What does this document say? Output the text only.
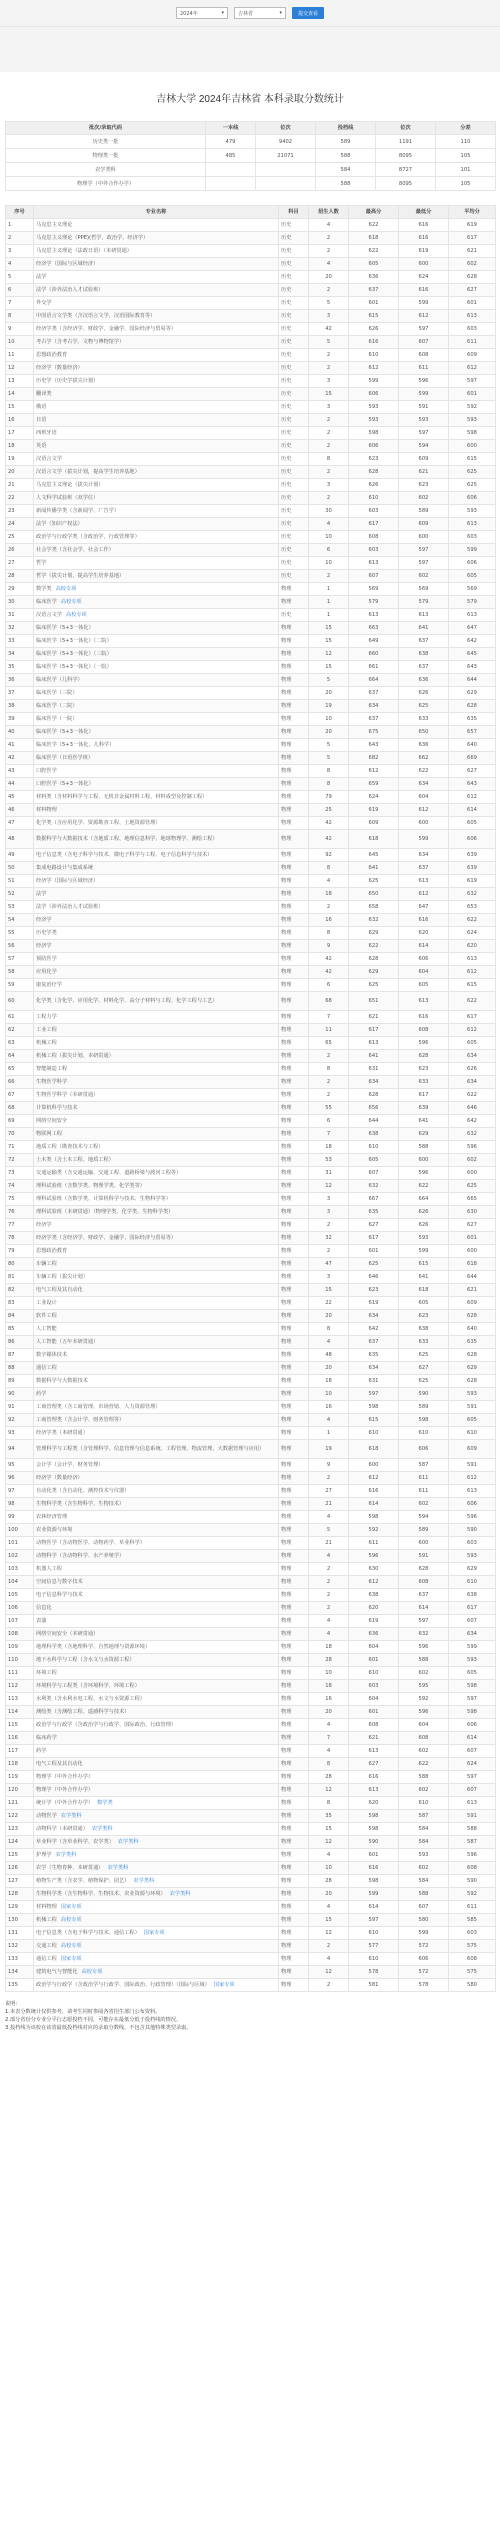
2024年	▾	吉林省	▾	提交查看
吉林大学 2024年吉林省 本科录取分数统计
批次/录取代码	一本线	位次	投档线	位次	分差
历史类一批	479	9402	589	1191	110
物理类一批	485	21071	588	8095	105
农学类科			584	8727	101
物理学（中外合作办学）			588	8095	105
序号	专业名称	科目	招生人数	最高分	最低分	平均分
1	马克思主义理论	历史	4	622	616	619
2	马克思主义理论（PPE)(哲学、政治学、经济学）	历史	2	618	616	617
3	马克思主义理论（法政日语）（本研贯通）	历史	2	622	619	621
4	经济学（国际与区域经济）	历史	4	605	600	602
5	法学	历史	20	636	624	628
6	法学（涉外法治人才试验班）	历史	2	637	616	627
7	外交学	历史	5	601	599	601
8	中国语言文学类（含汉语言文学、汉语国际教育等）	历史	3	615	612	613
9	经济学类（含经济学、财政学、金融学、国际经济与贸易等）	历史	42	626	597	603
10	考古学（含考古学、文物与博物馆学）	历史	5	616	607	611
11	思想政治教育	历史	2	610	608	609
12	经济学（数量经济）	历史	2	612	611	612
13	历史学（历史学拔尖计划）	历史	3	599	596	597
14	翻译类	历史	15	606	599	601
15	俄语	历史	3	593	591	592
16	日语	历史	2	593	593	593
17	西班牙语	历史	2	598	597	598
18	英语	历史	2	606	594	600
19	汉语言文学	历史	8	623	609	615
20	汉语言文学（拔尖计划，提高学生培养基地）	历史	2	628	621	625
21	马克思主义理论（拔尖计划）	历史	3	626	623	625
22	人文科学试验班（双学位）	历史	2	610	602	606
23	新闻传播学类（含新闻学、广告学）	历史	30	603	589	593
24	法学（知识产权法）	历史	4	617	609	613
25	政治学与行政学类（含政治学、行政管理等）	历史	10	608	600	603
26	社会学类（含社会学、社会工作）	历史	6	603	597	599
27	哲学	历史	10	613	597	606
28	哲学（拔尖计划，提高学生培养基地）	历史	2	607	602	605
29	数学类 高校专项	物理	1	569	569	569
30	临床医学 高校专项	物理	1	579	579	579
31	汉语言文学 高校专项	历史	1	613	613	613
32	临床医学（5+3一体化）	物理	15	663	641	647
33	临床医学（5+3一体化）（二院）	物理	15	649	637	642
34	临床医学（5+3一体化）（三院）	物理	12	660	638	645
35	临床医学（5+3一体化）（一院）	物理	15	661	637	643
36	临床医学（儿科学）	物理	5	664	636	644
37	临床医学（三院）	物理	20	637	626	629
38	临床医学（二院）	物理	19	634	625	628
39	临床医学（一院）	物理	10	637	633	635
40	临床医学（5+3一体化）	物理	20	675	650	657
41	临床医学（5+3一体化，儿科学）	物理	5	643	636	640
42	临床医学（日语医学班）	物理	5	682	662	669
43	口腔医学	物理	8	612	622	627
44	口腔医学（5+3一体化）	物理	8	659	634	643
45	材料类（含材料科学与工程、无机非金属材料工程、材料成型及控制工程）	物理	79	624	604	612
46	材料物理	物理	25	619	612	614
47	化学类（含应用化学、资源勘查工程、土地资源管理）	物理	42	609	600	605
48	数据科学与大数据技术（含地质工程、地理信息科学、地球物理学、测绘工程）	物理	42	618	599	606
49	电子信息类（含电子科学与技术、微电子科学与工程、电子信息科学与技术）	物理	92	645	634	639
50	集成电路设计与集成系统	物理	8	641	637	639
51	经济学（国际与区域经济）	物理	4	625	613	619
52	法学	物理	18	650	612	632
53	法学（涉外法治人才试验班）	物理	2	658	647	653
54	经济学	物理	16	632	616	622
55	历史学类	物理	8	629	620	624
56	经济学	物理	9	622	614	620
57	预防医学	物理	42	628	606	613
58	应用化学	物理	42	629	604	612
59	康复治疗学	物理	6	625	605	615
60	化学类（含化学、应用化学、材料化学、高分子材料与工程、化学工程与工艺）	物理	68	651	613	622
61	工程力学	物理	7	621	616	617
62	工业工程	物理	11	617	608	612
63	机械工程	物理	65	613	596	605
64	机械工程（拔尖计划、本研贯通）	物理	2	641	628	634
65	智能制造工程	物理	8	631	623	626
66	生物医学科学	物理	2	634	633	634
67	生物医学科学（本研贯通）	物理	2	628	617	622
68	计算机科学与技术	物理	55	656	639	646
69	网络空间安全	物理	6	644	641	642
70	物联网工程	物理	7	638	629	632
71	地质工程（勘查技术与工程）	物理	18	610	588	596
72	土木类（含土木工程、地质工程）	物理	53	605	600	602
73	交通运输类（含交通运输、交通工程、道路桥梁与渡河工程等）	物理	31	607	596	600
74	理科试验班（含数学类、物理学类、化学类等）	物理	12	632	622	625
75	理科试验班（含数学类、计算机科学与技术、生物科学等）	物理	3	667	664	665
76	理科试验班（本研贯通）（物理学类、化学类、生物科学类）	物理	3	635	626	630
77	经济学	物理	2	627	626	627
78	经济学类（含经济学、财政学、金融学、国际经济与贸易等）	物理	32	617	593	601
79	思想政治教育	物理	2	601	599	600
80	车辆工程	物理	47	625	615	618
81	车辆工程（拔尖计划）	物理	3	646	641	644
82	电气工程及其自动化	物理	15	623	618	621
83	工业设计	物理	22	619	605	609
84	软件工程	物理	20	634	623	628
85	人工智能	物理	8	642	638	640
86	人工智能（五年本研贯通）	物理	4	637	633	635
87	数字媒体技术	物理	48	635	625	628
88	通信工程	物理	20	634	627	629
89	数据科学与大数据技术	物理	18	631	625	628
90	药学	物理	10	597	590	593
91	工商管理类（含工商管理、市场营销、人力资源管理）	物理	16	598	589	591
92	工商管理类（含会计学、财务管理等）	物理	4	615	598	605
93	经济学类（本研贯通）	物理	1	610	610	610
94	管理科学与工程类（含管理科学、信息管理与信息系统、工程管理、物流管理、大数据管理与应用）	物理	19	618	606	609
95	会计学（会计学、财务管理）	物理	9	600	587	591
96	经济学（数量经济）	物理	2	612	611	612
97	自动化类（含自动化、测控技术与仪器）	物理	27	616	611	613
98	生物科学类（含生物科学、生物技术）	物理	21	614	602	606
99	农林经济管理	物理	4	598	594	596
100	农业资源与环境	物理	5	592	589	590
101	动物医学（含动物医学、动物药学、草业科学）	物理	21	611	600	603
102	动物科学（含动物科学、水产养殖学）	物理	4	596	591	593
103	机器人工程	物理	2	630	628	629
104	空间信息与数字技术	物理	2	612	608	610
105	电子信息科学与技术	物理	2	638	637	638
106	信息化	物理	2	620	614	617
107	表演	物理	4	619	597	607
108	网络空间安全（本研贯通）	物理	4	636	632	634
109	地理科学类（含地理科学、自然地理与资源环境）	物理	18	604	596	599
110	地下水科学与工程（含水文与水资源工程）	物理	28	601	588	593
111	环境工程	物理	10	610	602	605
112	环境科学与工程类（含环境科学、环境工程）	物理	18	603	595	598
113	水利类（含水利水电工程、水文与水资源工程）	物理	16	604	592	597
114	测绘类（含测绘工程、遥感科学与技术）	物理	20	601	596	598
115	政治学与行政学（含政治学与行政学、国际政治、行政管理）	物理	4	608	604	606
116	临床药学	物理	7	621	608	614
117	药学	物理	4	613	602	607
118	电气工程及其自动化	物理	8	627	622	624
119	物理学（中外合作办学）	物理	28	616	588	597
120	物理学（中外合作办学）	物理	12	613	602	607
121	统计学（中外合作办学） 数学类	物理	8	620	610	613
122	动物医学 农学类科	物理	35	598	587	591
123	动物科学（本研贯通） 农学类科	物理	15	598	584	588
124	草业科学（含草业科学、农学类） 农学类科	物理	12	590	584	587
125	护理学 农学类科	物理	4	601	593	596
126	农学（生物育种、本研贯通） 农学类科	物理	10	616	602	608
127	植物生产类（含农学、植物保护、园艺） 农学类科	物理	28	598	584	590
128	生物科学类（含生物科学、生物技术、农业资源与环境） 农学类科	物理	20	599	588	592
129	材料物理 国家专项	物理	4	614	607	611
130	机械工程 高校专项	物理	15	597	580	585
131	电子信息类（含电子科学与技术、通信工程） 国家专项	物理	12	610	599	603
132	交通工程 高校专项	物理	2	577	572	575
133	通信工程 国家专项	物理	4	610	606	608
134	建筑电气与智能化 高校专项	物理	12	578	572	575
135	政治学与行政学（含政治学与行政学、国际政治、行政管理）（国际与区域） 国家专项	物理	2	581	578	580
说明：
1.本表分数统计仅供参考，请考生同时参阅各省招生部门公布资料。
2.部分省份分专业分平行志愿投档不同，可能存在最低分低于投档线的情况。
3.投档线为该校在该省最低投档线对应的录取分数线，不包含其他特殊类型录取。
